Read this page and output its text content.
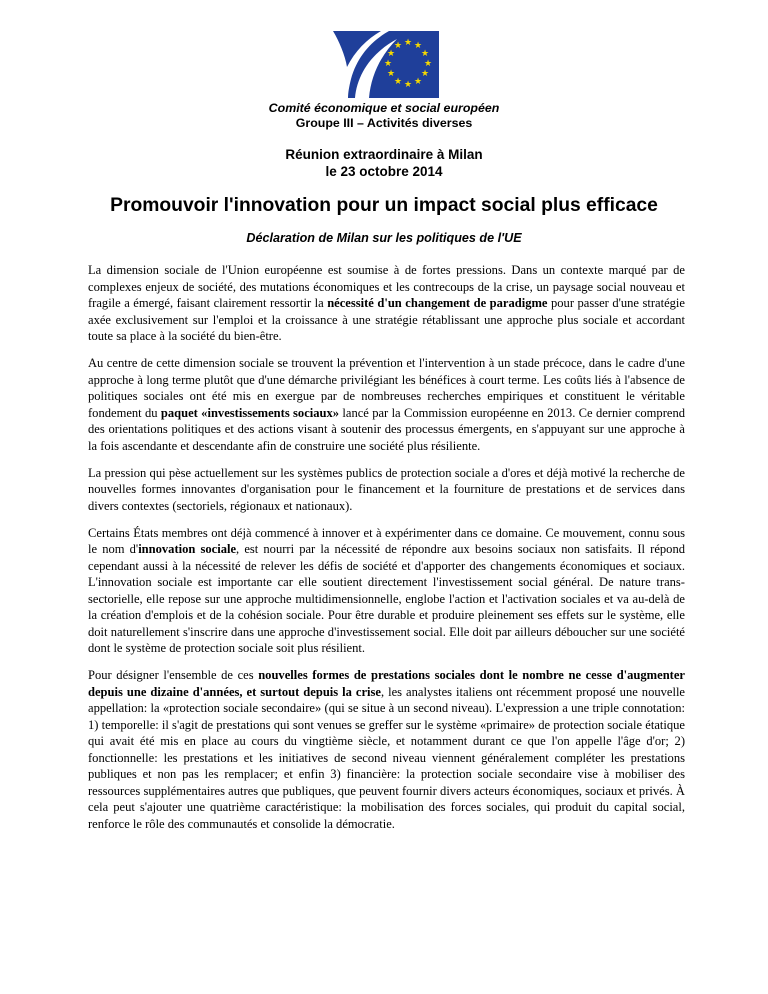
★ ★
★
★
★
★
★
★
★
★
★
★
Comité économique et social européen
Groupe III – Activités diverses
Réunion extraordinaire à Milan
le 23 octobre 2014
Promouvoir l'innovation pour un impact social plus efficace
Déclaration de Milan sur les politiques de l'UE

La dimension sociale de l'Union européenne est soumise à de fortes pressions. Dans un contexte marqué par de complexes enjeux de société, des mutations économiques et les contrecoups de la crise, un paysage social nouveau et fragile a émergé, faisant clairement ressortir la nécessité d'un changement de paradigme pour passer d'une stratégie axée exclusivement sur l'emploi et la croissance à une stratégie rétablissant une approche plus sociale et accordant toute sa place à la société du bien-être.

Au centre de cette dimension sociale se trouvent la prévention et l'intervention à un stade précoce, dans le cadre d'une approche à long terme plutôt que d'une démarche privilégiant les bénéfices à court terme. Les coûts liés à l'absence de politiques sociales ont été mis en exergue par de nombreuses recherches empiriques et constituent le véritable fondement du paquet «investissements sociaux» lancé par la Commission européenne en 2013. Ce dernier comprend des orientations politiques et des actions visant à soutenir des processus émergents, en s'appuyant sur une approche à la fois ascendante et descendante afin de construire une société plus résiliente.

La pression qui pèse actuellement sur les systèmes publics de protection sociale a d'ores et déjà motivé la recherche de nouvelles formes innovantes d'organisation pour le financement et la fourniture de prestations et de services dans divers contextes (sectoriels, régionaux et nationaux).

Certains États membres ont déjà commencé à innover et à expérimenter dans ce domaine. Ce mouvement, connu sous le nom d'innovation sociale, est nourri par la nécessité de répondre aux besoins sociaux non satisfaits. Il répond cependant aussi à la nécessité de relever les défis de société et d'apporter des changements économiques et sociaux. L'innovation sociale est importante car elle soutient directement l'investissement social général. De nature trans-sectorielle, elle repose sur une approche multidimensionnelle, englobe l'action et l'activation sociales et va au-delà de la création d'emplois et de la cohésion sociale. Pour être durable et produire pleinement ses effets sur le système, elle doit naturellement s'inscrire dans une approche d'investissement social. Elle doit par ailleurs déboucher sur une société dont le système de protection sociale soit plus résilient.

Pour désigner l'ensemble de ces nouvelles formes de prestations sociales dont le nombre ne cesse d'augmenter depuis une dizaine d'années, et surtout depuis la crise, les analystes italiens ont récemment proposé une nouvelle appellation: la «protection sociale secondaire» (qui se situe à un second niveau). L'expression a une triple connotation: 1) temporelle: il s'agit de prestations qui sont venues se greffer sur le système «primaire» de protection sociale étatique qui avait été mis en place au cours du vingtième siècle, et notamment durant ce que l'on appelle l'âge d'or; 2) fonctionnelle: les prestations et les initiatives de second niveau viennent généralement compléter les prestations publiques et non pas les remplacer; et enfin 3) financière: la protection sociale secondaire vise à mobiliser des ressources supplémentaires autres que publiques, que peuvent fournir divers acteurs économiques, sociaux et privés. À cela peut s'ajouter une quatrième caractéristique: la mobilisation des forces sociales, qui produit du capital social, renforce le rôle des communautés et consolide la démocratie.
